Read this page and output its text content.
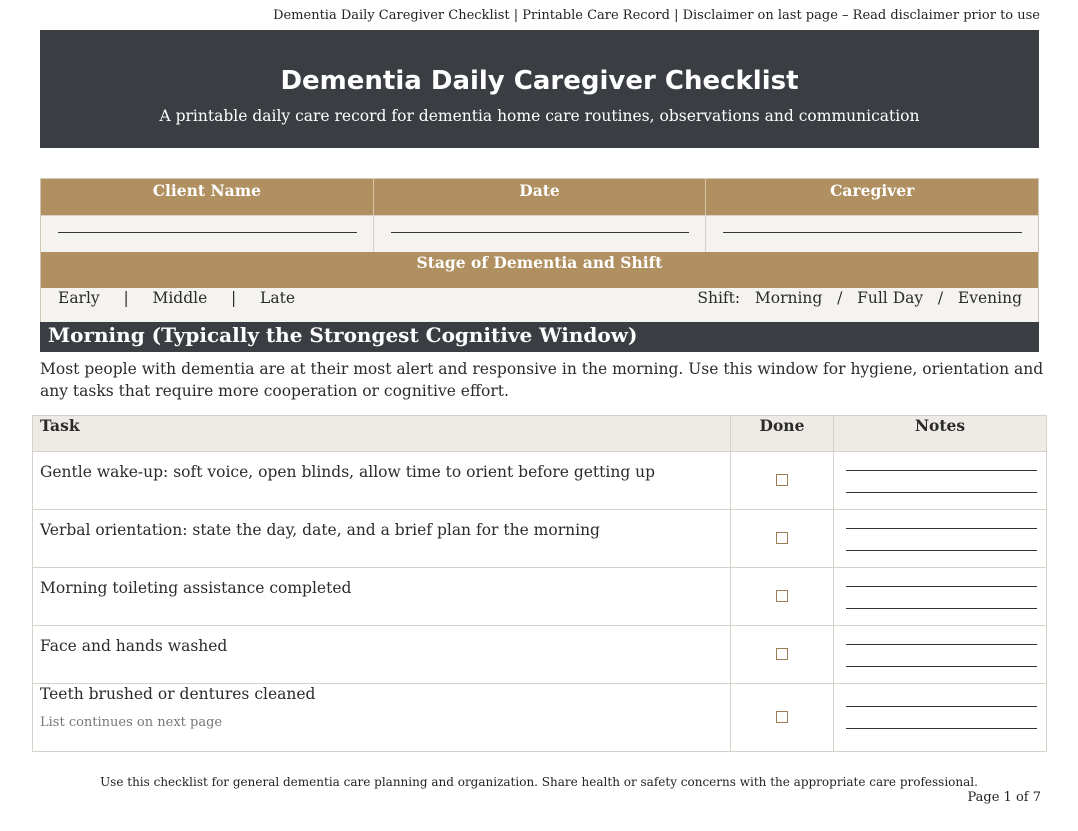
Dementia Daily Caregiver Checklist | Printable Care Record | Disclaimer on last page – Read disclaimer prior to use
Dementia Daily Caregiver Checklist
A printable daily care record for dementia home care routines, observations and communication
Client Name	Date	Caregiver
Stage of Dementia and Shift
Early   |   Middle   |   Late	Shift: Morning   /   Full Day   /   Evening
Morning (Typically the Strongest Cognitive Window)
Most people with dementia are at their most alert and responsive in the morning. Use this window for hygiene, orientation and any tasks that require more cooperation or cognitive effort.
Task	Done	Notes
Gentle wake-up: soft voice, open blinds, allow time to orient before getting up		

Verbal orientation: state the day, date, and a brief plan for the morning		

Morning toileting assistance completed		

Face and hands washed		

Teeth brushed or dentures cleaned
List continues on next page		

Use this checklist for general dementia care planning and organization. Share health or safety concerns with the appropriate care professional.
Page 1 of 7
